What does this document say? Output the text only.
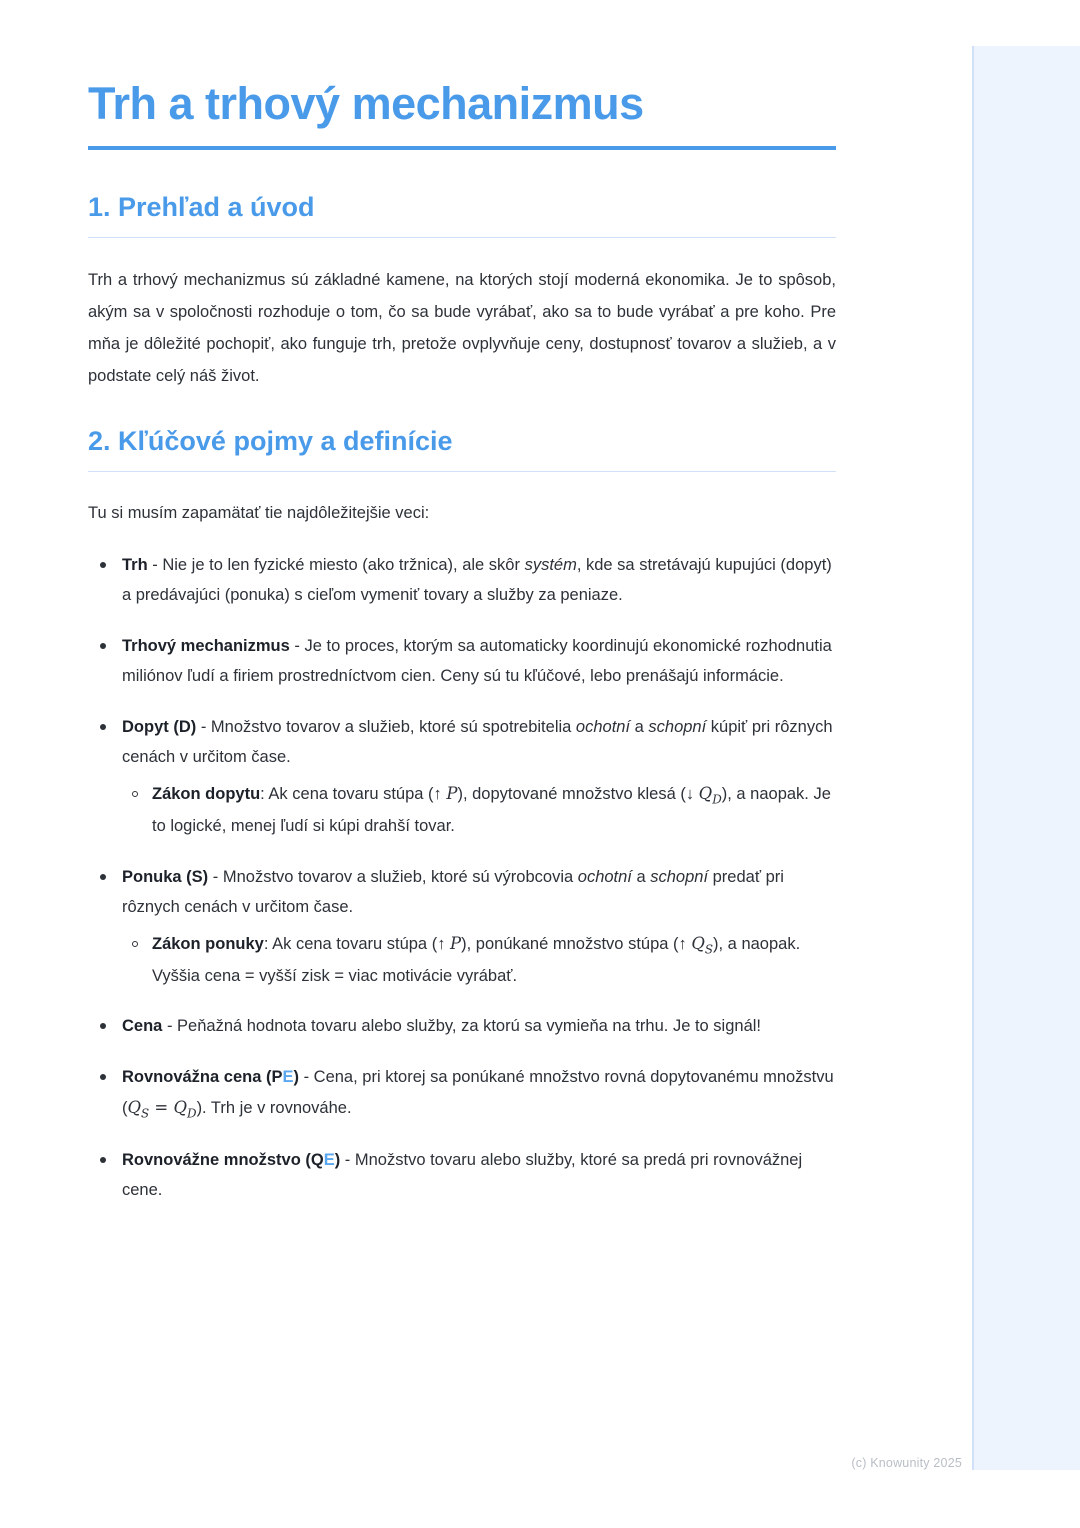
Trh a trhový mechanizmus
1. Prehľad a úvod

Trh a trhový mechanizmus sú základné kamene, na ktorých stojí moderná ekonomika. Je to spôsob, akým sa v spoločnosti rozhoduje o tom, čo sa bude vyrábať, ako sa to bude vyrábať a pre koho. Pre mňa je dôležité pochopiť, ako funguje trh, pretože ovplyvňuje ceny, dostupnosť tovarov a služieb, a v podstate celý náš život.

2. Kľúčové pojmy a definície

Tu si musím zapamätať tie najdôležitejšie veci:

Trh - Nie je to len fyzické miesto (ako tržnica), ale skôr systém, kde sa stretávajú kupujúci (dopyt) a predávajúci (ponuka) s cieľom vymeniť tovary a služby za peniaze.
Trhový mechanizmus - Je to proces, ktorým sa automaticky koordinujú ekonomické rozhodnutia miliónov ľudí a firiem prostredníctvom cien. Ceny sú tu kľúčové, lebo prenášajú informácie.
Dopyt (D) - Množstvo tovarov a služieb, ktoré sú spotrebitelia ochotní a schopní kúpiť pri rôznych cenách v určitom čase.
Zákon dopytu: Ak cena tovaru stúpa (↑ P), dopytované množstvo klesá (↓ $Q_D$), a naopak. Je to logické, menej ľudí si kúpi drahší tovar.
Ponuka (S) - Množstvo tovarov a služieb, ktoré sú výrobcovia ochotní a schopní predať pri rôznych cenách v určitom čase.
Zákon ponuky: Ak cena tovaru stúpa (↑ P), ponúkané množstvo stúpa (↑ $Q_S$), a naopak. Vyššia cena = vyšší zisk = viac motivácie vyrábať.
Cena - Peňažná hodnota tovaru alebo služby, za ktorú sa vymieňa na trhu. Je to signál!
Rovnovážna cena (PE) - Cena, pri ktorej sa ponúkané množstvo rovná dopytovanému množstvu $(Q_S = Q_D)$. Trh je v rovnováhe.
Rovnovážne množstvo (QE) - Množstvo tovaru alebo služby, ktoré sa predá pri rovnovážnej cene.
(c) Knowunity 2025
